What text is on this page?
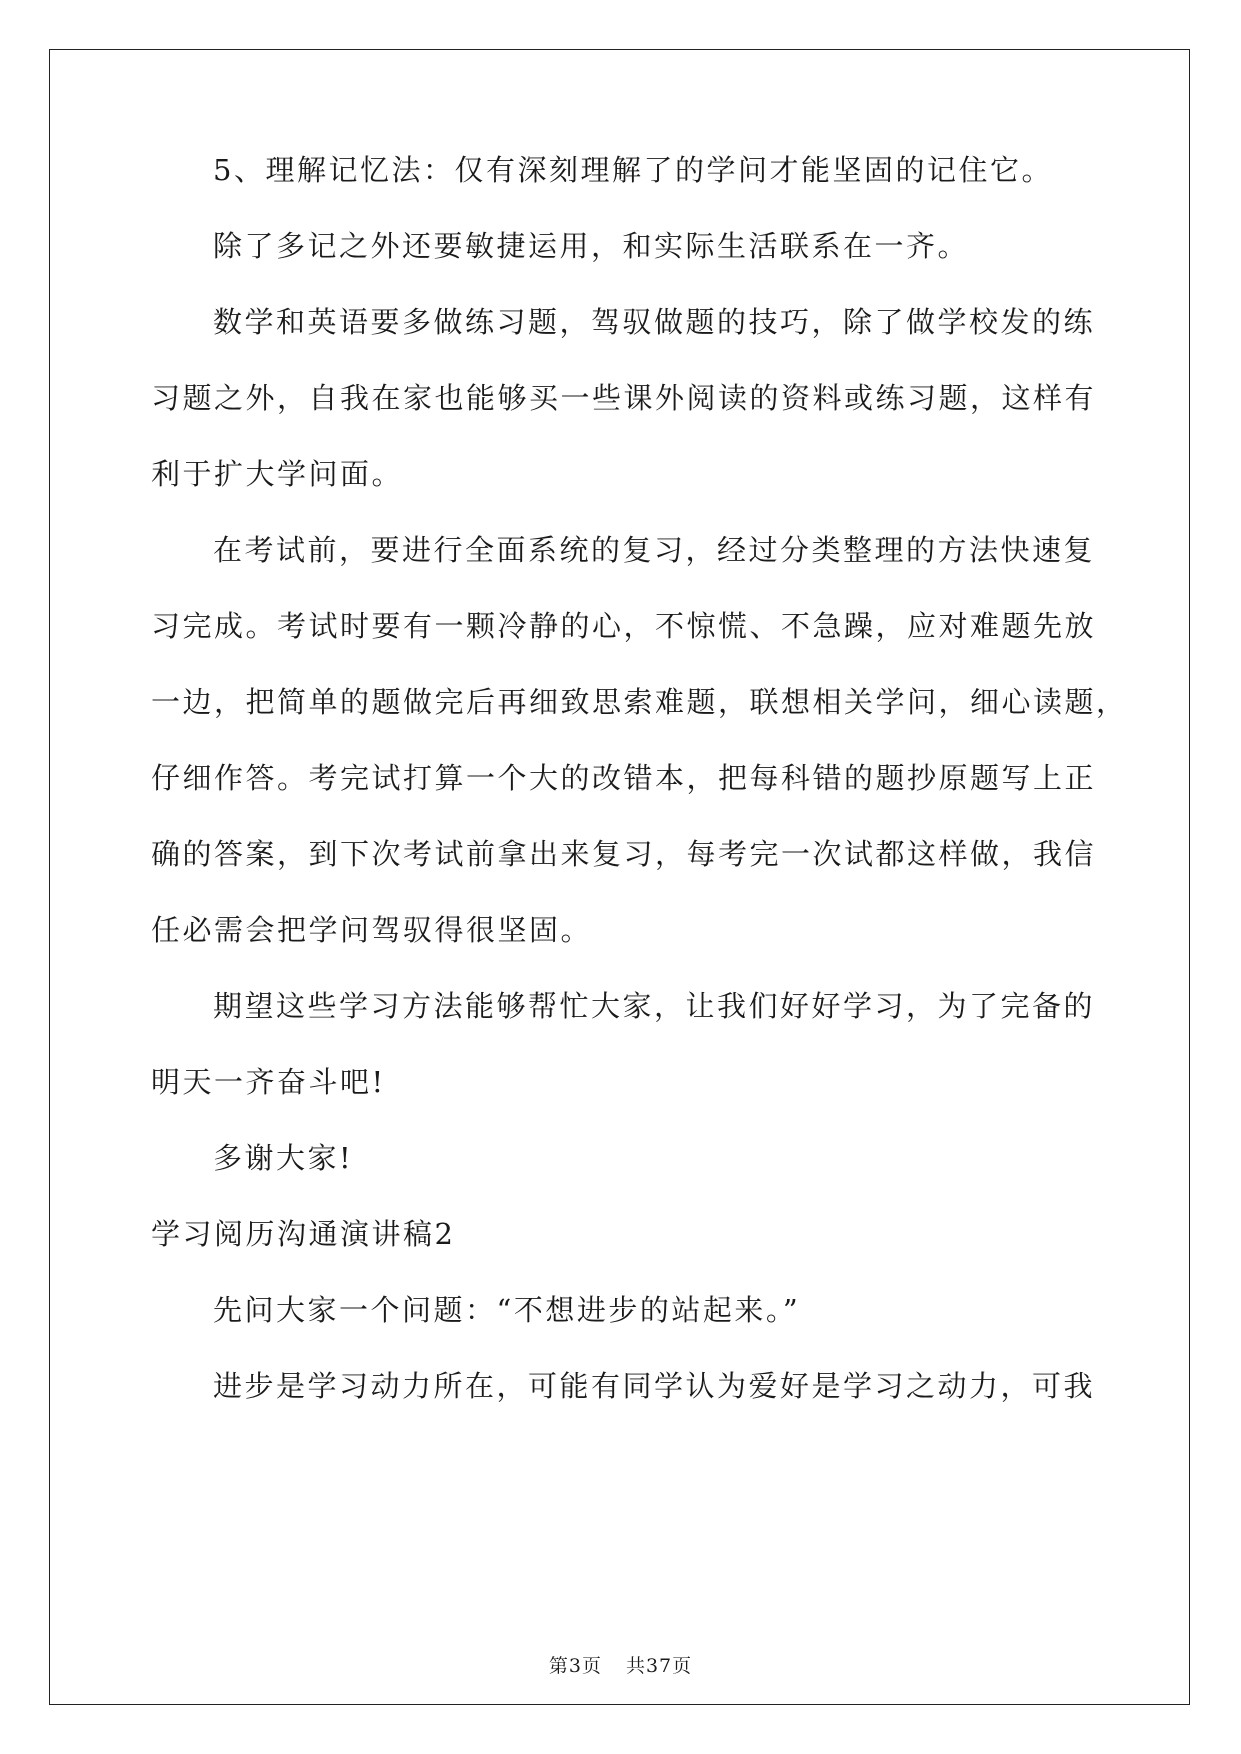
5、理解记忆法：仅有深刻理解了的学问才能坚固的记住它。

除了多记之外还要敏捷运用，和实际生活联系在一齐。

数学和英语要多做练习题，驾驭做题的技巧，除了做学校发的练

习题之外，自我在家也能够买一些课外阅读的资料或练习题，这样有

利于扩大学问面。

在考试前，要进行全面系统的复习，经过分类整理的方法快速复

习完成。考试时要有一颗冷静的心，不惊慌、不急躁，应对难题先放

一边，把简单的题做完后再细致思索难题，联想相关学问，细心读题，

仔细作答。考完试打算一个大的改错本，把每科错的题抄原题写上正

确的答案，到下次考试前拿出来复习，每考完一次试都这样做，我信

任必需会把学问驾驭得很坚固。

期望这些学习方法能够帮忙大家，让我们好好学习，为了完备的

明天一齐奋斗吧!

多谢大家!

学习阅历沟通演讲稿2

先问大家一个问题：“不想进步的站起来。”

进步是学习动力所在，可能有同学认为爱好是学习之动力，可我

第3页 共37页
